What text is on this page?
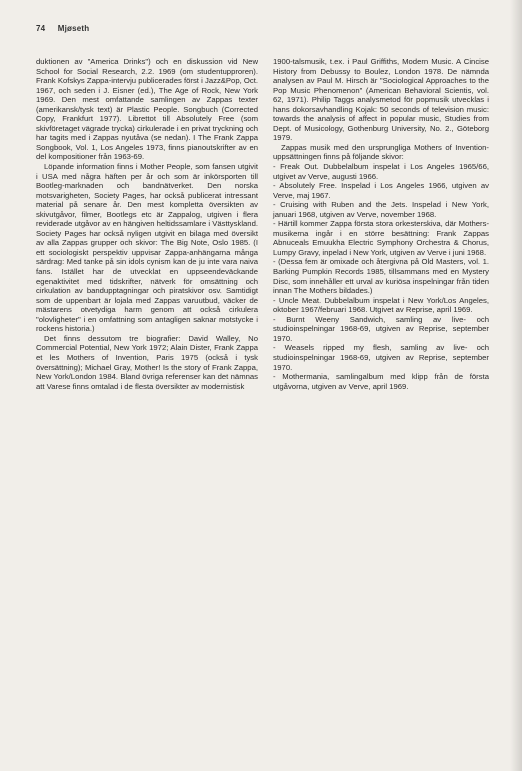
74 Mjøseth

duktionen av "America Drinks") och en diskussion vid New School for Social Research, 2.2. 1969 (om studentupproren). Frank Kofskys Zappa-intervju publicerades först i Jazz&Pop, Oct. 1967, och seden i J. Eisner (ed.), The Age of Rock, New York 1969. Den mest omfattande samlingen av Zappas texter (amerikansk/tysk text) är Plastic People. Songbuch (Corrected Copy, Frankfurt 1977). Librettot till Absolutely Free (som skivföretaget vägrade trycka) cirkulerade i en privat tryckning och har tagits med i Zappas nyutåva (se nedan). I The Frank Zappa Songbook, Vol. 1, Los Angeles 1973, finns pianoutskrifter av en del kompositioner från 1963-69.

Löpande information finns i Mother People, som fansen utgivit i USA med några häften per år och som är inkörsporten till Bootleg-marknaden och bandnätverket. Den norska motsvarigheten, Society Pages, har också publicerat intressant material på senare år. Den mest kompletta översikten av skivutgåvor, filmer, Bootlegs etc är Zappalog, utgiven i flera reviderade utgåvor av en hängiven heltidssamlare i Västtyskland. Society Pages har också nyligen utgivit en bilaga med översikt av alla Zappas grupper och skivor: The Big Note, Oslo 1985. (I ett sociologiskt perspektiv uppvisar Zappa-anhängarna många särdrag: Med tanke på sin idols cynism kan de ju inte vara naiva fans. Istället har de utvecklat en uppseendeväckande egenaktivitet med tidskrifter, nätverk för omsättning och cirkulation av bandupptagningar och piratskivor osv. Samtidigt som de uppenbart är lojala med Zappas varuutbud, väcker de mästarens otvetydiga harm genom att också cirkulera "olovligheter" i en omfattning som antagligen saknar motstycke i rockens historia.)

Det finns dessutom tre biografier: David Walley, No Commercial Potential, New York 1972; Alain Dister, Frank Zappa et les Mothers of Invention, Paris 1975 (också i tysk översättning); Michael Gray, Mother! Is the story of Frank Zappa, New York/London 1984. Bland övriga referenser kan det nämnas att Varese finns omtalad i de flesta översikter av modernistisk

1900-talsmusik, t.ex. i Paul Griffiths, Modern Music. A Cincise History from Debussy to Boulez, London 1978. De nämnda analysen av Paul M. Hirsch är "Sociological Approaches to the Pop Music Phenomenon" (American Behavioral Scientis, vol. 62, 1971). Philip Taggs analysmetod för popmusik utvecklas i hans dokorsavhandling Kojak: 50 seconds of television music: towards the analysis of affect in popular music, Studies from Dept. of Musicology, Gothenburg University, No. 2., Göteborg 1979.

Zappas musik med den ursprungliga Mothers of Invention-uppsättningen finns på följande skivor:

- Freak Out. Dubbelalbum inspelat i Los Angeles 1965/66, utgivet av Verve, augusti 1966.

- Absolutely Free. Inspelad i Los Angeles 1966, utgiven av Verve, maj 1967.

- Cruising with Ruben and the Jets. Inspelad i New York, januari 1968, utgiven av Verve, november 1968.

- Härtill kommer Zappa första stora orkesterskiva, där Mothers-musikerna ingår i en större besättning: Frank Zappas Abnuceals Emuukha Electric Symphony Orchestra & Chorus, Lumpy Gravy, inpelad i New York, utgiven av Verve i juni 1968.

- (Dessa fem är omixade och återgivna på Old Masters, vol. 1. Barking Pumpkin Records 1985, tillsammans med en Mystery Disc, som innehåller ett urval av kuriösa inspelningar från tiden innan The Mothers bildades.)

- Uncle Meat. Dubbelalbum inspelat i New York/Los Angeles, oktober 1967/februari 1968. Utgivet av Reprise, april 1969.

- Burnt Weeny Sandwich, samling av live- och studioinspelningar 1968-69, utgiven av Reprise, september 1970.

- Weasels ripped my flesh, samling av live- och studioinspelningar 1968-69, utgiven av Reprise, september 1970.

- Mothermania, samlingalbum med klipp från de första utgåvorna, utgiven av Verve, april 1969.
